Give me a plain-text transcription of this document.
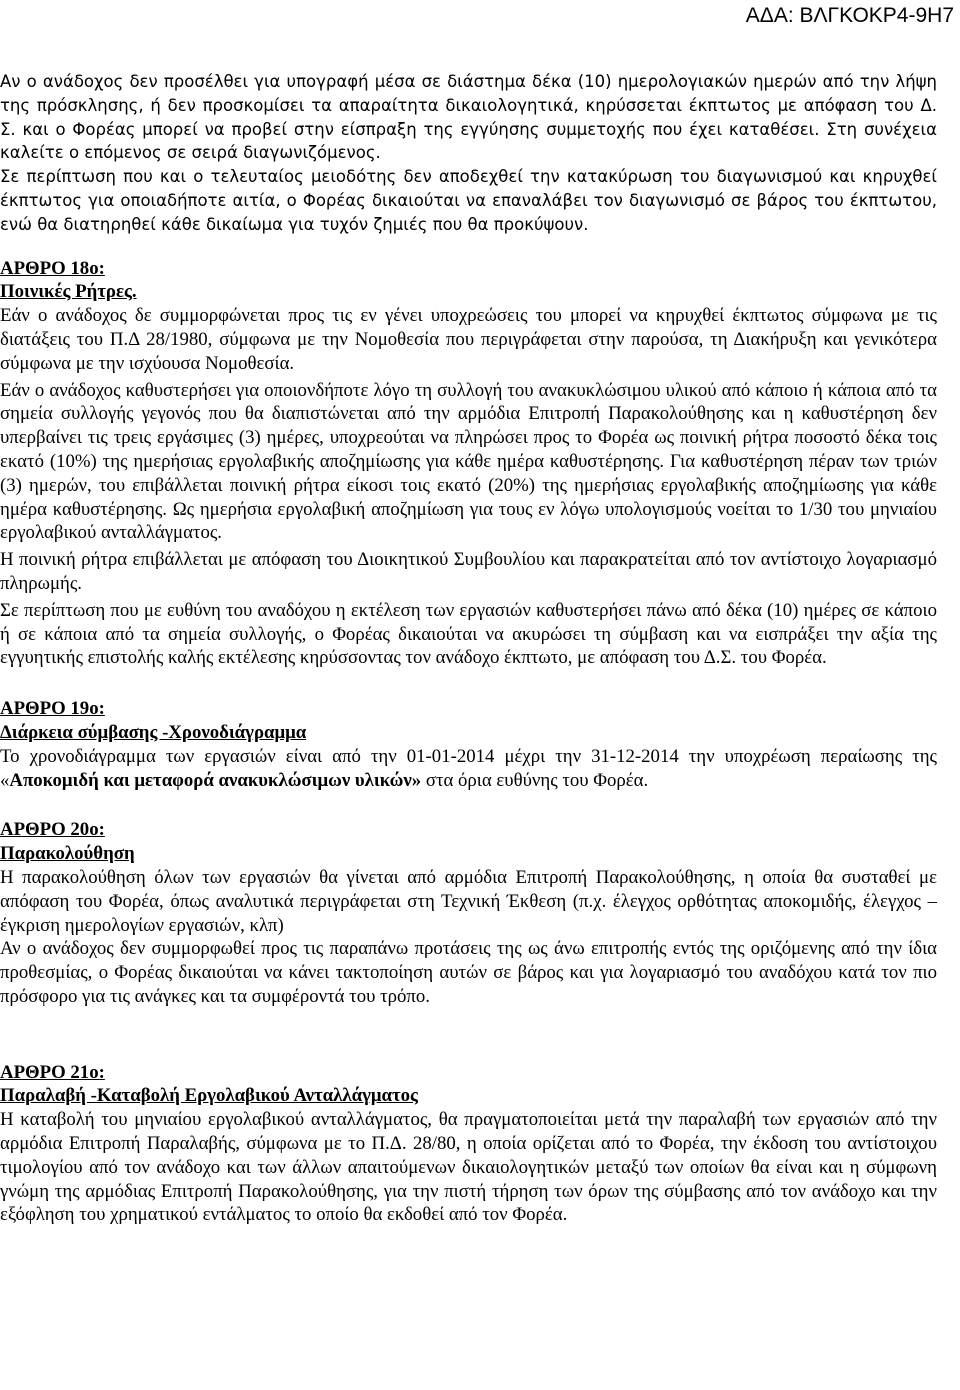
ΑΔΑ: ΒΛΓΚΟΚΡ4-9Η7

Αν ο ανάδοχος δεν προσέλθει για υπογραφή μέσα σε διάστημα δέκα (10) ημερολογιακών ημερών από την λήψη της πρόσκλησης, ή δεν προσκομίσει τα απαραίτητα δικαιολογητικά, κηρύσσεται έκπτωτος με απόφαση του Δ. Σ. και ο Φορέας μπορεί να προβεί στην είσπραξη της εγγύησης συμμετοχής που έχει καταθέσει. Στη συνέχεια καλείτε ο επόμενος σε σειρά διαγωνιζόμενος.

Σε περίπτωση που και ο τελευταίος μειοδότης δεν αποδεχθεί την κατακύρωση του διαγωνισμού και κηρυχθεί έκπτωτος για οποιαδήποτε αιτία, ο Φορέας δικαιούται να επαναλάβει τον διαγωνισμό σε βάρος του έκπτωτου, ενώ θα διατηρηθεί κάθε δικαίωμα για τυχόν ζημιές που θα προκύψουν.

ΑΡΘΡΟ 18ο:

Ποινικές Ρήτρες.

Εάν ο ανάδοχος δε συμμορφώνεται προς τις εν γένει υποχρεώσεις του μπορεί να κηρυχθεί έκπτωτος σύμφωνα με τις διατάξεις του Π.Δ 28/1980, σύμφωνα με την Νομοθεσία που περιγράφεται στην παρούσα, τη Διακήρυξη και γενικότερα σύμφωνα με την ισχύουσα Νομοθεσία.

Εάν ο ανάδοχος καθυστερήσει για οποιονδήποτε λόγο τη συλλογή του ανακυκλώσιμου υλικού από κάποιο ή κάποια από τα σημεία συλλογής γεγονός που θα διαπιστώνεται από την αρμόδια Επιτροπή Παρακολούθησης και η καθυστέρηση δεν υπερβαίνει τις τρεις εργάσιμες (3) ημέρες, υποχρεούται να πληρώσει προς το Φορέα ως ποινική ρήτρα ποσοστό δέκα τοις εκατό (10%) της ημερήσιας εργολαβικής αποζημίωσης για κάθε ημέρα καθυστέρησης. Για καθυστέρηση πέραν των τριών (3) ημερών, του επιβάλλεται ποινική ρήτρα είκοσι τοις εκατό (20%) της ημερήσιας εργολαβικής αποζημίωσης για κάθε ημέρα καθυστέρησης. Ως ημερήσια εργολαβική αποζημίωση για τους εν λόγω υπολογισμούς νοείται το 1/30 του μηνιαίου εργολαβικού ανταλλάγματος.

Η ποινική ρήτρα επιβάλλεται με απόφαση του Διοικητικού Συμβουλίου και παρακρατείται από τον αντίστοιχο λογαριασμό πληρωμής.

Σε περίπτωση που με ευθύνη του αναδόχου η εκτέλεση των εργασιών καθυστερήσει πάνω από δέκα (10) ημέρες σε κάποιο ή σε κάποια από τα σημεία συλλογής, ο Φορέας δικαιούται να ακυρώσει τη σύμβαση και να εισπράξει την αξία της εγγυητικής επιστολής καλής εκτέλεσης κηρύσσοντας τον ανάδοχο έκπτωτο, με απόφαση του Δ.Σ. του Φορέα.

ΑΡΘΡΟ 19ο:

Διάρκεια σύμβασης -Χρονοδιάγραμμα

Το χρονοδιάγραμμα των εργασιών είναι από την 01-01-2014 μέχρι την 31-12-2014 την υποχρέωση περαίωσης της «Αποκομιδή και μεταφορά ανακυκλώσιμων υλικών» στα όρια ευθύνης του Φορέα.

ΑΡΘΡΟ 20ο:

Παρακολούθηση

Η παρακολούθηση όλων των εργασιών θα γίνεται από αρμόδια Επιτροπή Παρακολούθησης, η οποία θα συσταθεί με απόφαση του Φορέα, όπως αναλυτικά περιγράφεται στη Τεχνική Έκθεση (π.χ. έλεγχος ορθότητας αποκομιδής, έλεγχος –έγκριση ημερολογίων εργασιών, κλπ)

Αν ο ανάδοχος δεν συμμορφωθεί προς τις παραπάνω προτάσεις της ως άνω επιτροπής εντός της οριζόμενης από την ίδια προθεσμίας, ο Φορέας δικαιούται να κάνει τακτοποίηση αυτών σε βάρος και για λογαριασμό του αναδόχου κατά τον πιο πρόσφορο για τις ανάγκες και τα συμφέροντά του τρόπο.

ΑΡΘΡΟ 21ο:

Παραλαβή -Καταβολή Εργολαβικού Ανταλλάγματος

Η καταβολή του μηνιαίου εργολαβικού ανταλλάγματος, θα πραγματοποιείται μετά την παραλαβή των εργασιών από την αρμόδια Επιτροπή Παραλαβής, σύμφωνα με το Π.Δ. 28/80, η οποία ορίζεται από το Φορέα, την έκδοση του αντίστοιχου τιμολογίου από τον ανάδοχο και των άλλων απαιτούμενων δικαιολογητικών μεταξύ των οποίων θα είναι και η σύμφωνη γνώμη της αρμόδιας Επιτροπή Παρακολούθησης, για την πιστή τήρηση των όρων της σύμβασης από τον ανάδοχο και την εξόφληση του χρηματικού εντάλματος το οποίο θα εκδοθεί από τον Φορέα.
